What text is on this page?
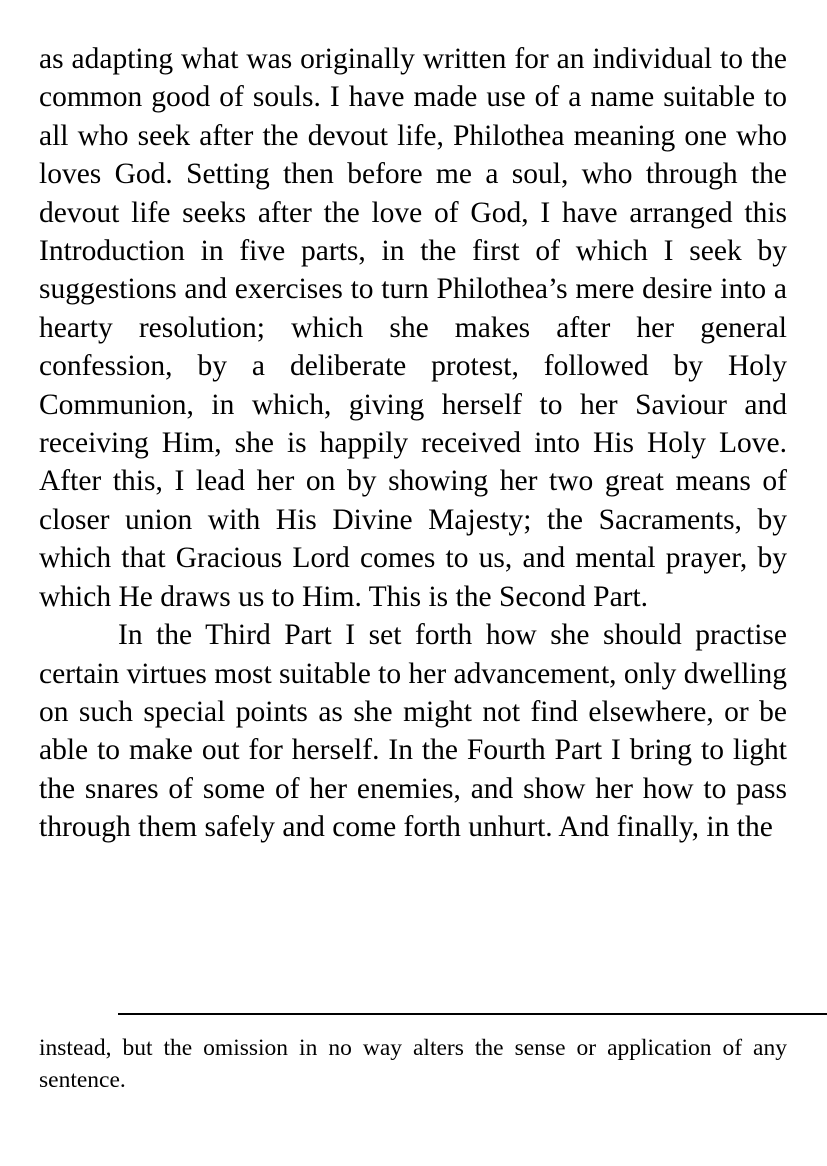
as adapting what was originally written for an individual to the common good of souls. I have made use of a name suitable to all who seek after the devout life, Philothea meaning one who loves God. Setting then before me a soul, who through the devout life seeks after the love of God, I have arranged this Introduction in five parts, in the first of which I seek by suggestions and exercises to turn Philothea’s mere desire into a hearty resolution; which she makes after her general confession, by a deliberate protest, followed by Holy Communion, in which, giving herself to her Saviour and receiving Him, she is happily received into His Holy Love. After this, I lead her on by showing her two great means of closer union with His Divine Majesty; the Sacraments, by which that Gracious Lord comes to us, and mental prayer, by which He draws us to Him. This is the Second Part.

In the Third Part I set forth how she should practise certain virtues most suitable to her advancement, only dwelling on such special points as she might not find elsewhere, or be able to make out for herself. In the Fourth Part I bring to light the snares of some of her enemies, and show her how to pass through them safely and come forth unhurt. And finally, in the

instead, but the omission in no way alters the sense or application of any sentence.
